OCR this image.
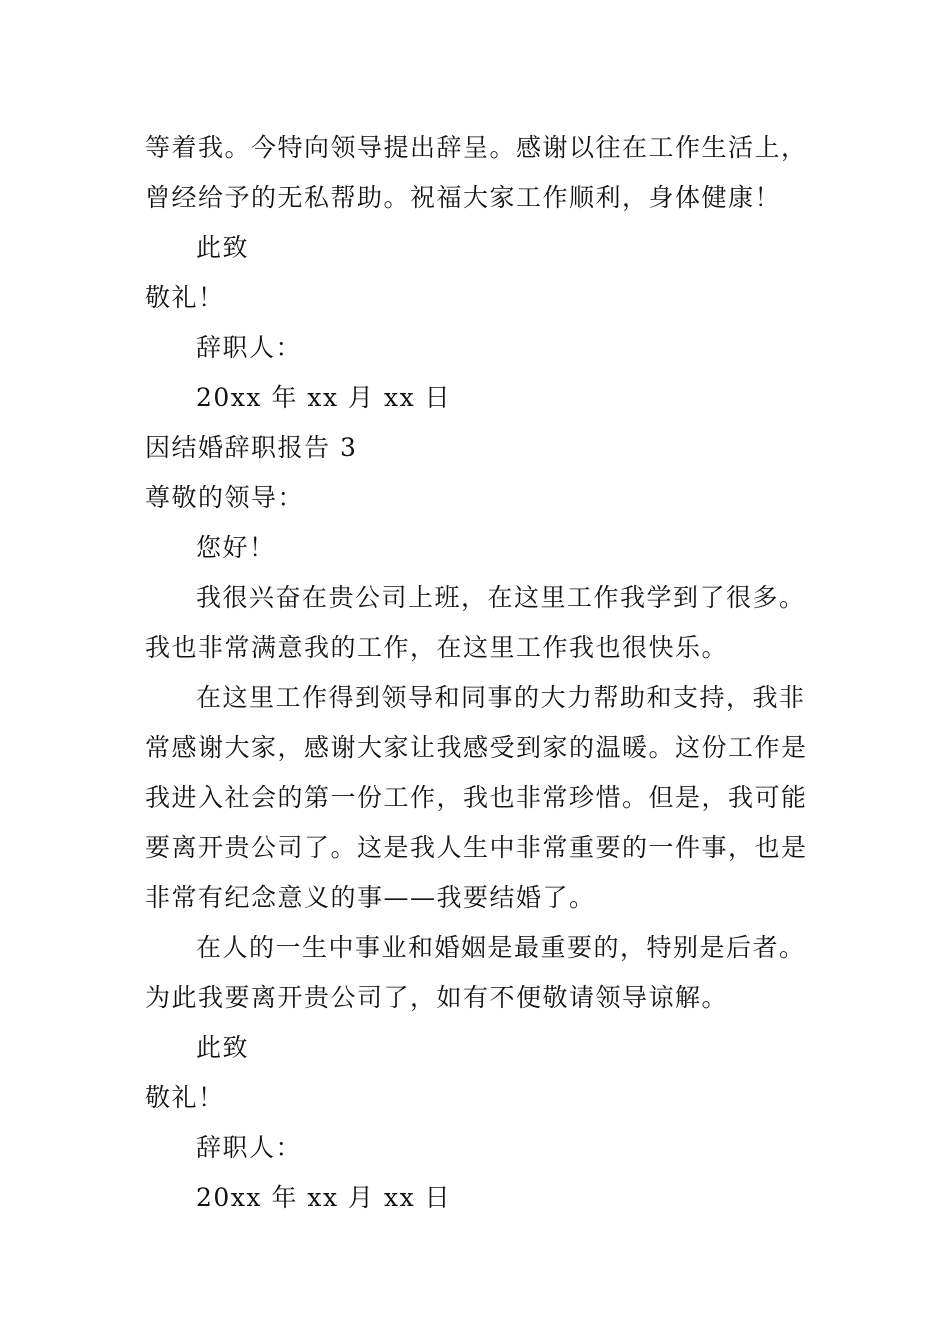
等着我。今特向领导提出辞呈。感谢以往在工作生活上，
曾经给予的无私帮助。祝福大家工作顺利，身体健康！
此致
敬礼！
辞职人：
20xx 年 xx 月 xx 日
因结婚辞职报告 3
尊敬的领导：
您好！
我很兴奋在贵公司上班，在这里工作我学到了很多。
我也非常满意我的工作，在这里工作我也很快乐。
在这里工作得到领导和同事的大力帮助和支持，我非
常感谢大家，感谢大家让我感受到家的温暖。这份工作是
我进入社会的第一份工作，我也非常珍惜。但是，我可能
要离开贵公司了。这是我人生中非常重要的一件事，也是
非常有纪念意义的事——我要结婚了。
在人的一生中事业和婚姻是最重要的，特别是后者。
为此我要离开贵公司了，如有不便敬请领导谅解。
此致
敬礼！
辞职人：
20xx 年 xx 月 xx 日
